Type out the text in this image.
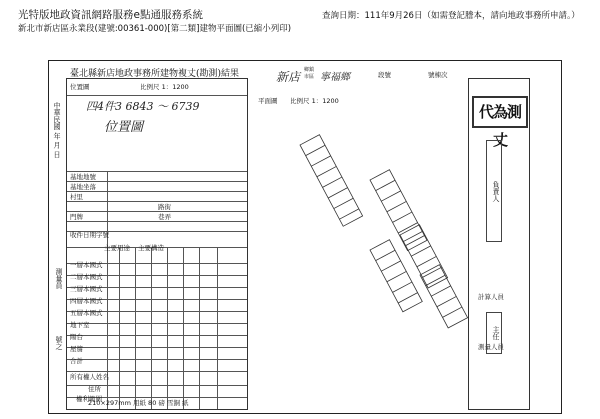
光特版地政資訊網路服務e點通服務系統	查詢日期：111年9月26日（如需登記謄本，請向地政事務所申請。）
新北市新店區永業段(建號:00361-000)[第二類]建物平面圖(已縮小列印)
臺北縣新店地政事務所建物複丈(勘測)結果
位置圖	比例尺 1：1200
四4件3 6843 ～ 6739
位置圖
基地地號
基地坐落
村里
路街
巷弄
門牌
收件日期字號
主要用途 主要構造
一層本國式
二層本國式
三層本國式
四層本國式
五層本國式
地下室
陽台
屋簷
合計
所有權人姓名
住所
權利範圍
中華民國 年 月 日
測量員
號之
新店 鄉鎮
市區 寧福鄉	段號	號棟次
平面圖 比例尺 1：1200
代為測丈
負責人
計算人員
測量人員
主任
210×297mm 用紙 80 磅 雪銅 紙
